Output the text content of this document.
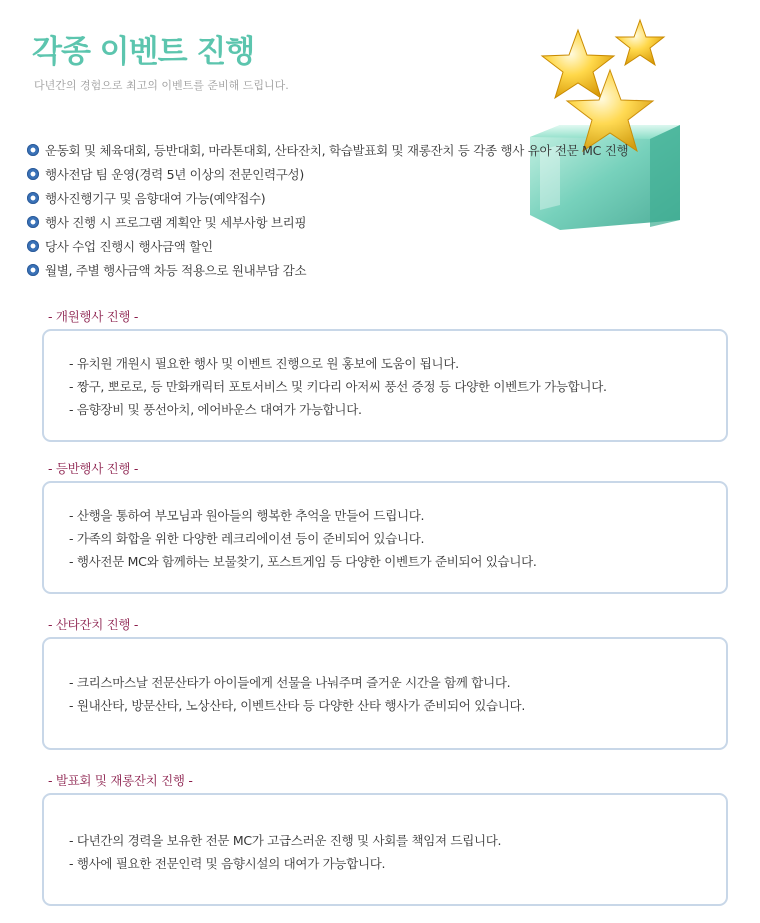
각종 이벤트 진행

다년간의 경험으로 최고의 이벤트를 준비해 드립니다.

운동회 및 체육대회, 등반대회, 마라톤대회, 산타잔치, 학습발표회 및 재롱잔치 등 각종 행사 유아 전문 MC 진행
행사전담 팀 운영(경력 5년 이상의 전문인력구성)
행사진행기구 및 음향대여 가능(예약접수)
행사 진행 시 프로그램 계획안 및 세부사항 브리핑
당사 수업 진행시 행사금액 할인
월별, 주별 행사금액 차등 적용으로 원내부담 감소
- 개원행사 진행 -
- 유치원 개원시 필요한 행사 및 이벤트 진행으로 원 홍보에 도움이 됩니다.
- 짱구, 뽀로로, 등 만화캐릭터 포토서비스 및 키다리 아저씨 풍선 증정 등 다양한 이벤트가 가능합니다.
- 음향장비 및 풍선아치, 에어바운스 대여가 가능합니다.
- 등반행사 진행 -
- 산행을 통하여 부모님과 원아들의 행복한 추억을 만들어 드립니다.
- 가족의 화합을 위한 다양한 레크리에이션 등이 준비되어 있습니다.
- 행사전문 MC와 함께하는 보물찾기, 포스트게임 등 다양한 이벤트가 준비되어 있습니다.
- 산타잔치 진행 -
- 크리스마스날 전문산타가 아이들에게 선물을 나눠주며 즐거운 시간을 함께 합니다.
- 원내산타, 방문산타, 노상산타, 이벤트산타 등 다양한 산타 행사가 준비되어 있습니다.
- 발표회 및 재롱잔치 진행 -
- 다년간의 경력을 보유한 전문 MC가 고급스러운 진행 및 사회를 책임져 드립니다.
- 행사에 필요한 전문인력 및 음향시설의 대여가 가능합니다.
